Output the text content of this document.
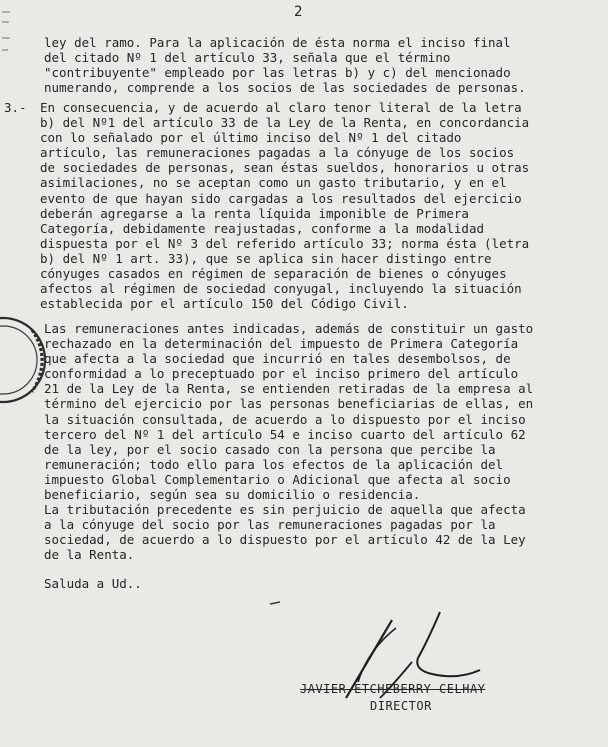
2

ley del ramo. Para la aplicación de ésta norma el inciso final
del citado Nº 1 del artículo 33, señala que el término
"contribuyente" empleado por las letras b) y c) del mencionado
numerando, comprende a los socios de las sociedades de personas.

3.- En consecuencia, y de acuerdo al claro tenor literal de la letra
b) del Nº1 del artículo 33 de la Ley de la Renta, en concordancia
con lo señalado por el último inciso del Nº 1 del citado
artículo, las remuneraciones pagadas a la cónyuge de los socios
de sociedades de personas, sean éstas sueldos, honorarios u otras
asimilaciones, no se aceptan como un gasto tributario, y en el
evento de que hayan sido cargadas a los resultados del ejercicio
deberán agregarse a la renta líquida imponible de Primera
Categoría, debidamente reajustadas, conforme a la modalidad
dispuesta por el Nº 3 del referido artículo 33; norma ésta (letra
b) del Nº 1 art. 33), que se aplica sin hacer distingo entre
cónyuges casados en régimen de separación de bienes o cónyuges
afectos al régimen de sociedad conyugal, incluyendo la situación
establecida por el artículo 150 del Código Civil.

Las remuneraciones antes indicadas, además de constituir un gasto
rechazado en la determinación del impuesto de Primera Categoría
que afecta a la sociedad que incurrió en tales desembolsos, de
conformidad a lo preceptuado por el inciso primero del artículo
21 de la Ley de la Renta, se entienden retiradas de la empresa al
término del ejercicio por las personas beneficiarias de ellas, en
la situación consultada, de acuerdo a lo dispuesto por el inciso
tercero del Nº 1 del artículo 54 e inciso cuarto del artículo 62
de la ley, por el socio casado con la persona que percibe la
remuneración; todo ello para los efectos de la aplicación del
impuesto Global Complementario o Adicional que afecta al socio
beneficiario, según sea su domicilio o residencia.

La tributación precedente es sin perjuicio de aquella que afecta
a la cónyuge del socio por las remuneraciones pagadas por la
sociedad, de acuerdo a lo dispuesto por el artículo 42 de la Ley
de la Renta.

Saluda a Ud..
JAVIER ETCHEBERRY CELHAY
DIRECTOR
